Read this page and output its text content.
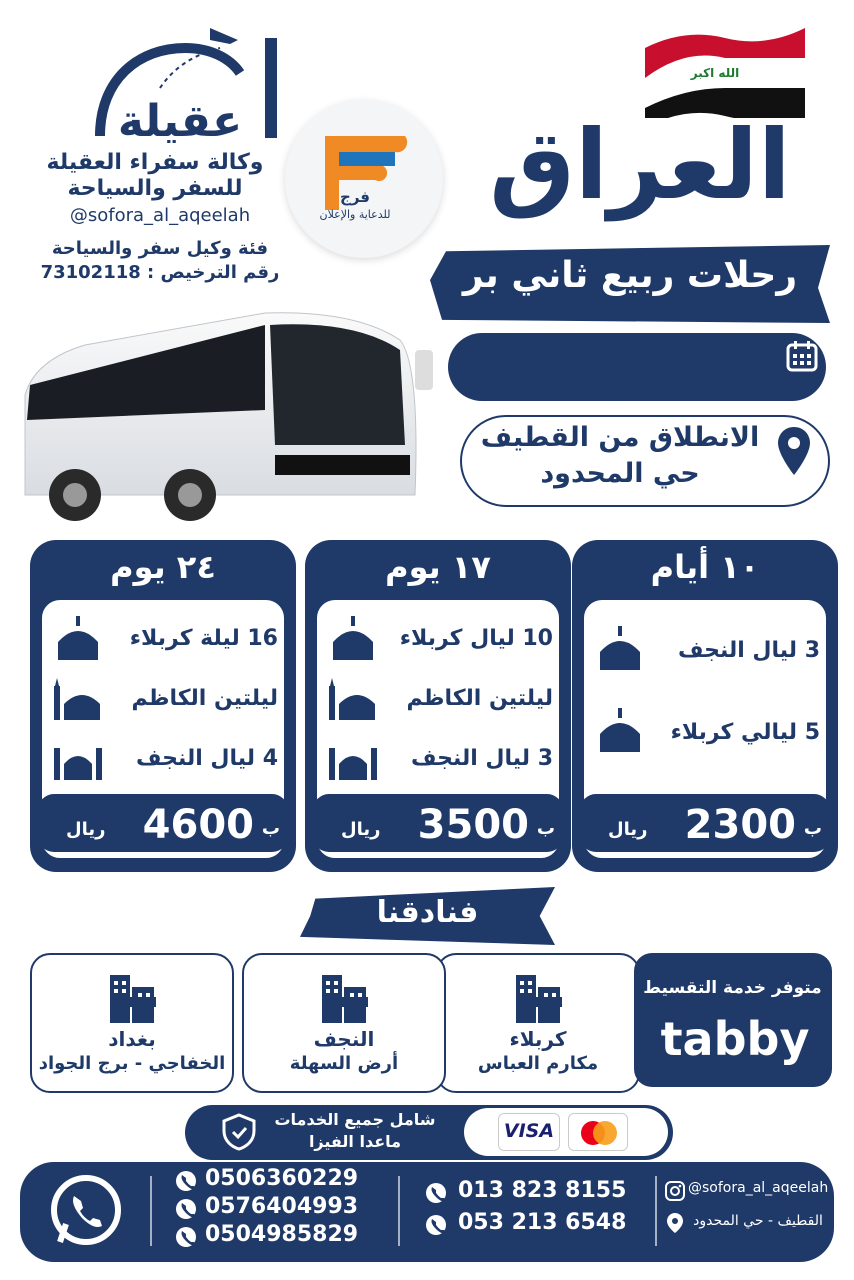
عقيلة
وكالة سفراء العقيلة
للسفر والسياحة
@sofora_al_aqeelah
فئة وكيل سفر والسياحة
رقم الترخيص : 73102118
فرج
للدعاية والإعلان
الله اكبر
العراق
رحلات ربيع ثاني بر
الذهاب كل خميس والعوده السبت
الانطلاق من القطيف
حي المحدود
١٠ أيام
3 ليال النجف
5 ليالي كربلاء
ب
2300
ريال
١٧ يوم
10 ليال كربلاء
ليلتين الكاظم
3 ليال النجف
ب
3500
ريال
٢٤ يوم
16 ليلة كربلاء
ليلتين الكاظم
4 ليال النجف
ب
4600
ريال
فنادقنا
كربلاء
مكارم العباس
النجف
أرض السهلة
بغداد
الخفاجي - برج الجواد
متوفر خدمة التقسيط
tabby
شامل جميع الخدمات
ماعدا الفيزا	VISA
0506360229
0576404993
0504985829
013 823 8155
053 213 6548
@sofora_al_aqeelah
القطيف - حي المحدود
